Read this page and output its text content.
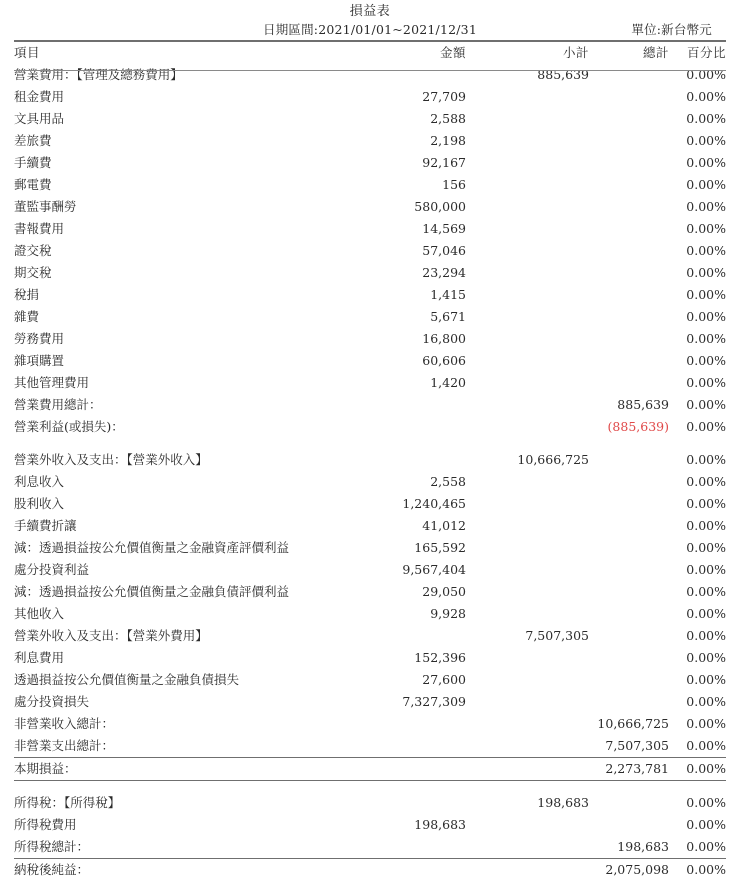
損益表
日期區間:2021/01/01~2021/12/31	單位:新台幣元
項目	金額	小計	總計	百分比
營業費用：【管理及總務費用】		885,639		0.00%
租金費用	27,709			0.00%
文具用品	2,588			0.00%
差旅費	2,198			0.00%
手續費	92,167			0.00%
郵電費	156			0.00%
董監事酬勞	580,000			0.00%
書報費用	14,569			0.00%
證交稅	57,046			0.00%
期交稅	23,294			0.00%
稅捐	1,415			0.00%
雜費	5,671			0.00%
勞務費用	16,800			0.00%
雜項購置	60,606			0.00%
其他管理費用	1,420			0.00%
營業費用總計：			885,639	0.00%
營業利益(或損失)：			(885,639)	0.00%

營業外收入及支出：【營業外收入】		10,666,725		0.00%
利息收入	2,558			0.00%
股利收入	1,240,465			0.00%
手續費折讓	41,012			0.00%
減：透過損益按公允價值衡量之金融資產評價利益	165,592			0.00%
處分投資利益	9,567,404			0.00%
減：透過損益按公允價值衡量之金融負債評價利益	29,050			0.00%
其他收入	9,928			0.00%
營業外收入及支出：【營業外費用】		7,507,305		0.00%
利息費用	152,396			0.00%
透過損益按公允價值衡量之金融負債損失	27,600			0.00%
處分投資損失	7,327,309			0.00%
非營業收入總計：			10,666,725	0.00%
非營業支出總計：			7,507,305	0.00%
本期損益：			2,273,781	0.00%

所得稅：【所得稅】		198,683		0.00%
所得稅費用	198,683			0.00%
所得稅總計：			198,683	0.00%
納稅後純益：			2,075,098	0.00%
